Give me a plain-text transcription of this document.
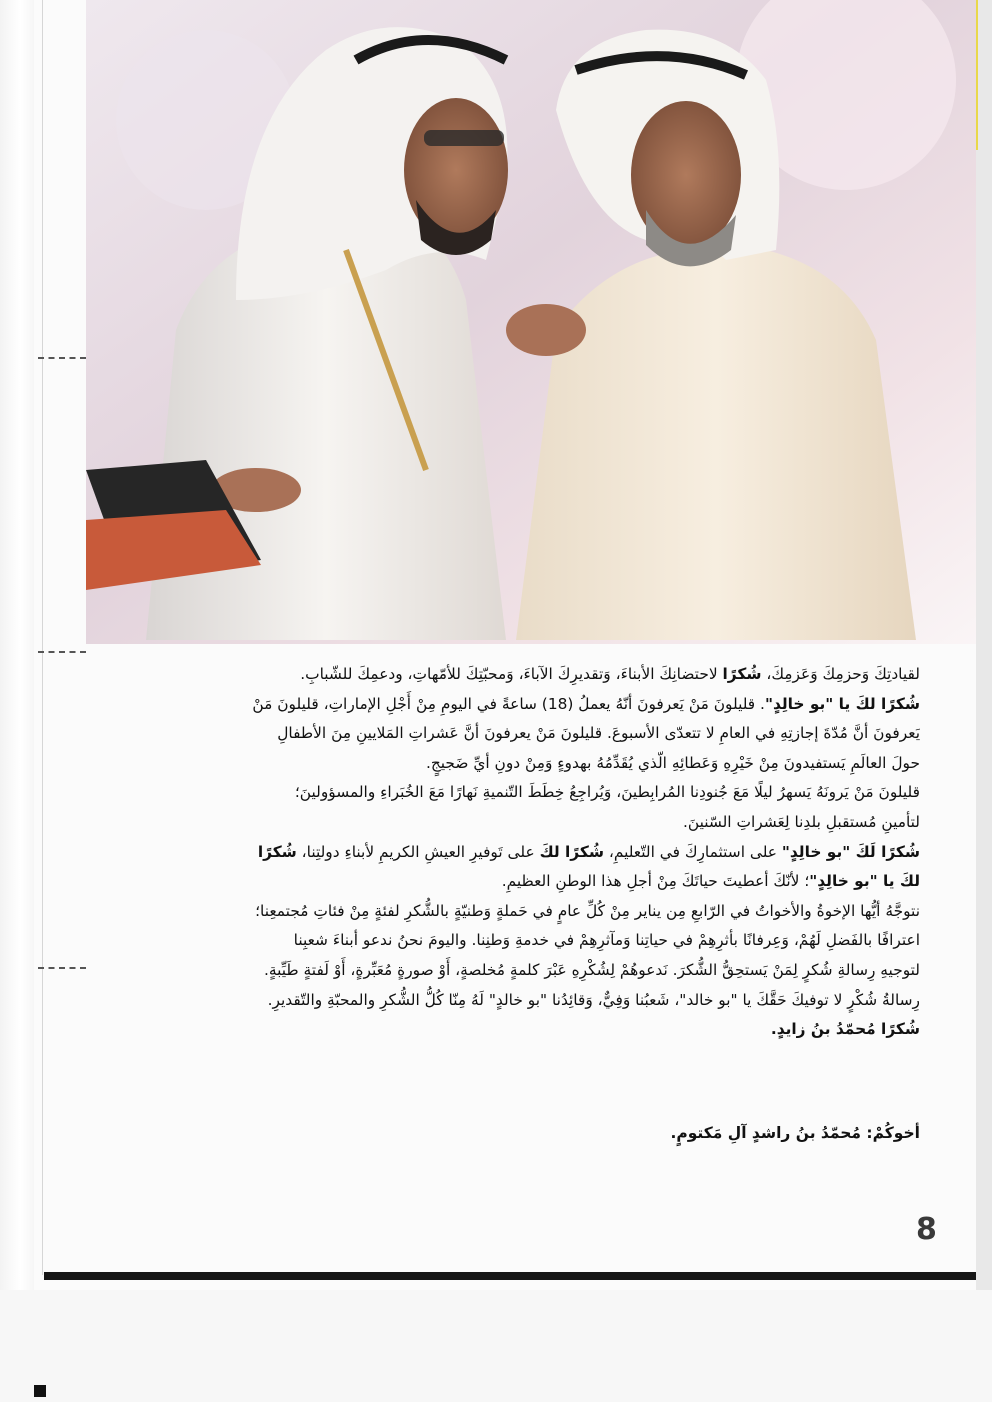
لقيادتِكَ وَحزمِكَ وَعَزمِكَ، شُكرًا لاحتضانِكَ الأبناءَ، وَتقديرِكَ الآباءَ، وَمحبّتِكَ للأمّهاتِ، ودعمِكَ للشّبابِ.
شُكرًا لكَ يا "بو خالِدٍ". قليلونَ مَنْ يَعرفونَ أنّهُ يعملُ (18) ساعةً في اليومِ مِنْ أَجْلِ الإماراتِ، قليلونَ مَنْ
يَعرفونَ أنَّ مُدّةَ إجازتِهِ في العامِ لا تتعدّى الأسبوعَ. قليلونَ مَنْ يعرفونَ أنَّ عَشراتِ المَلايينِ مِنَ الأطفالِ
حولَ العالَمِ يَستفيدونَ مِنْ خَيْرِهِ وَعَطائِهِ الّذي يُقَدِّمُهُ بهدوءٍ وَمِنْ دونِ أيِّ ضَجيجٍ.
قليلونَ مَنْ يَرونَهُ يَسهرُ ليلًا مَعَ جُنودِنا المُرابِطينَ، وَيُراجِعُ خِطَطَ التّنميةِ نَهارًا مَعَ الخُبَراءِ والمسؤولينَ؛
لتأمينِ مُستقبلِ بلدِنا لِعَشراتِ السّنينَ.
شُكرًا لَكَ "بو خالِدٍ" على استثمارِكَ في التّعليمِ، شُكرًا لكَ على تَوفيرِ العيشِ الكريمِ لأبناءِ دولتِنا، شُكرًا
لكَ يا "بو خالِدٍ"؛ لأنّكَ أعطيتَ حياتَكَ مِنْ أجلِ هذا الوطنِ العظيمِ.
نتوجَّهُ أيُّها الإخوةُ والأخواتُ في الرّابعِ مِن يناير مِنْ كُلِّ عامٍ في حَملةٍ وَطنيّةٍ بالشُّكرِ لفئةٍ مِنْ فئاتِ مُجتمعِنا؛
اعترافًا بالفَضلِ لَهُمْ، وَعِرفانًا بأثرِهِمْ في حياتِنا وَمآثرِهِمْ في خدمةِ وَطنِنا. واليومَ نحنُ ندعو أبناءَ شعبِنا
لتوجيهِ رِسالةِ شُكرٍ لِمَنْ يَستحِقُّ الشُّكرَ. نَدعوهُمْ لِشُكْرِهِ عَبْرَ كلمةٍ مُخلصةٍ، أَوْ صورةٍ مُعَبِّرةٍ، أَوْ لَفتةٍ طَيِّبةٍ.
رِسالةُ شُكْرٍ لا توفيكَ حَقَّكَ يا "بو خالد"، شَعبُنا وَفِيٌّ، وَقائِدُنا "بو خالدٍ" لَهُ مِنّا كُلُّ الشُّكرِ والمحبّةِ والتّقديرِ.
شُكرًا مُحمّدُ بنُ زايدٍ.
أخوكُمْ: مُحمّدُ بنُ راشدٍ آلِ مَكتومٍ.
8
